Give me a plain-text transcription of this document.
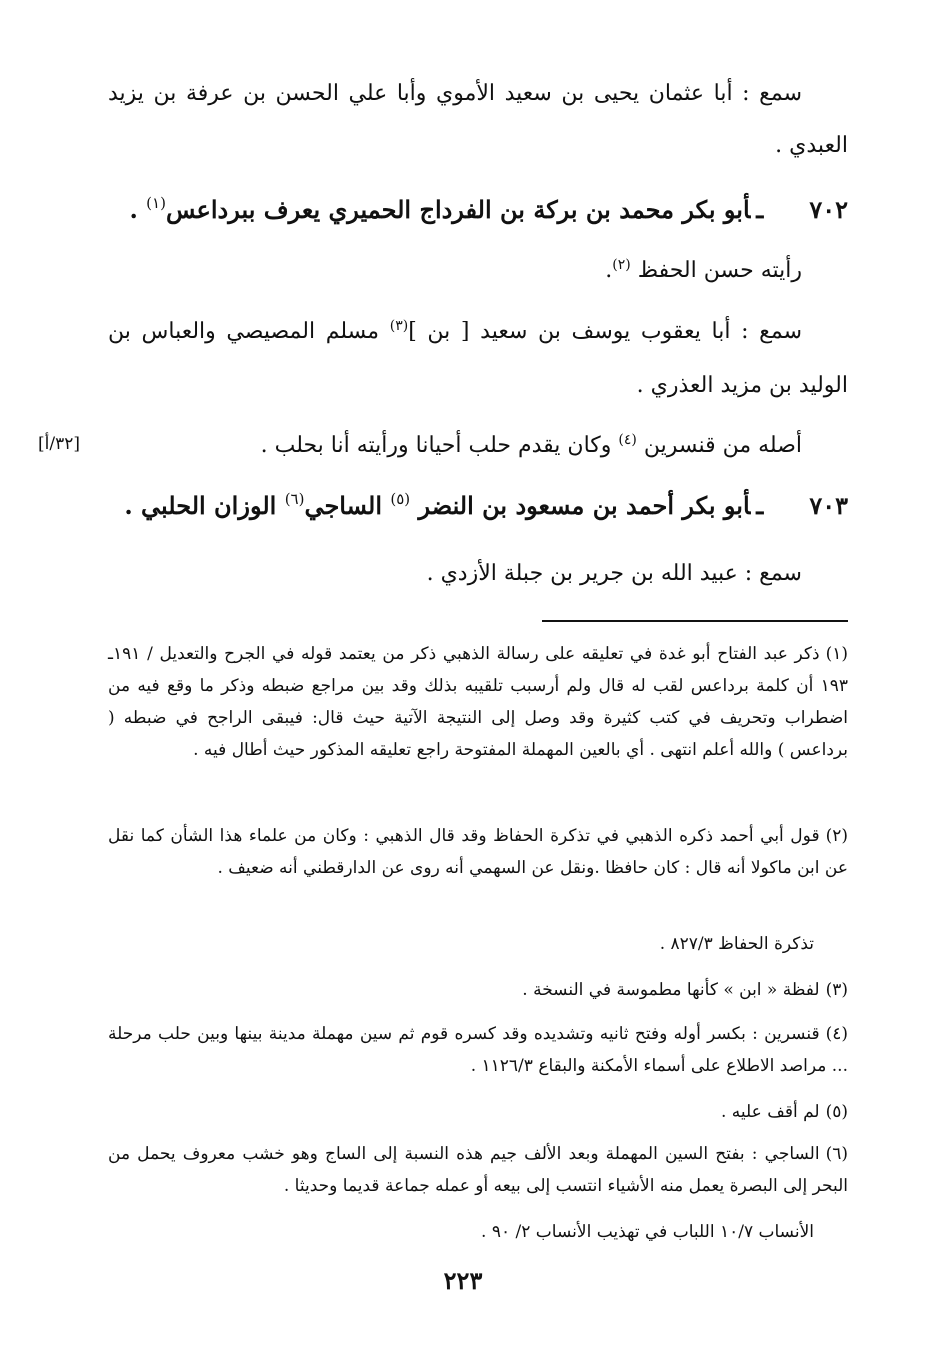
سمع : أبا عثمان يحيى بن سعيد الأموي وأبا علي الحسن بن عرفة بن يزيد العبدي .

٧٠٢ـأبو بكر محمد بن بركة بن الفرداج الحميري يعرف ببرداعس$^{(١)}$ .

رأيته حسن الحفظ $^{(٢)}$.

سمع : أبا يعقوب يوسف بن سعيد [ بن ]$^{(٣)}$ مسلم المصيصي والعباس بن الوليد بن مزيد العذري .

أصله من قنسرين $^{(٤)}$ وكان يقدم حلب أحيانا ورأيته أنا بحلب .

[٣٢/أ]
٧٠٣ـأبو بكر أحمد بن مسعود بن النضر $^{(٥)}$ الساجي$^{(٦)}$ الوزان الحلبي .

سمع : عبيد الله بن جرير بن جبلة الأزدي .

(١)ذكر عبد الفتاح أبو غدة في تعليقه على رسالة الذهبي ذكر من يعتمد قوله في الجرح والتعديل / ١٩١ـ ١٩٣ أن كلمة برداعس لقب له قال ولم أرسبب تلقيبه بذلك وقد بين مراجع ضبطه وذكر ما وقع فيه من اضطراب وتحريف في كتب كثيرة وقد وصل إلى النتيجة الآتية حيث قال: فيبقى الراجح في ضبطه ( برداعس ) والله أعلم انتهى . أي بالعين المهملة المفتوحة راجع تعليقه المذكور حيث أطال فيه .

(٢)قول أبي أحمد ذكره الذهبي في تذكرة الحفاظ وقد قال الذهبي : وكان من علماء هذا الشأن كما نقل عن ابن ماكولا أنه قال : كان حافظا .ونقل عن السهمي أنه روى عن الدارقطني أنه ضعيف .

تذكرة الحفاظ ٨٢٧/٣ .

(٣)لفظة « ابن » كأنها مطموسة في النسخة .

(٤)قنسرين : بكسر أوله وفتح ثانيه وتشديده وقد كسره قوم ثم سين مهملة مدينة بينها وبين حلب مرحلة ... مراصد الاطلاع على أسماء الأمكنة والبقاع ١١٢٦/٣ .

(٥)لم أقف عليه .

(٦)الساجي : بفتح السين المهملة وبعد الألف جيم هذه النسبة إلى الساج وهو خشب معروف يحمل من البحر إلى البصرة يعمل منه الأشياء انتسب إلى بيعه أو عمله جماعة قديما وحديثا .

الأنساب ١٠/٧ اللباب في تهذيب الأنساب ٢/ ٩٠ .

٢٢٣
